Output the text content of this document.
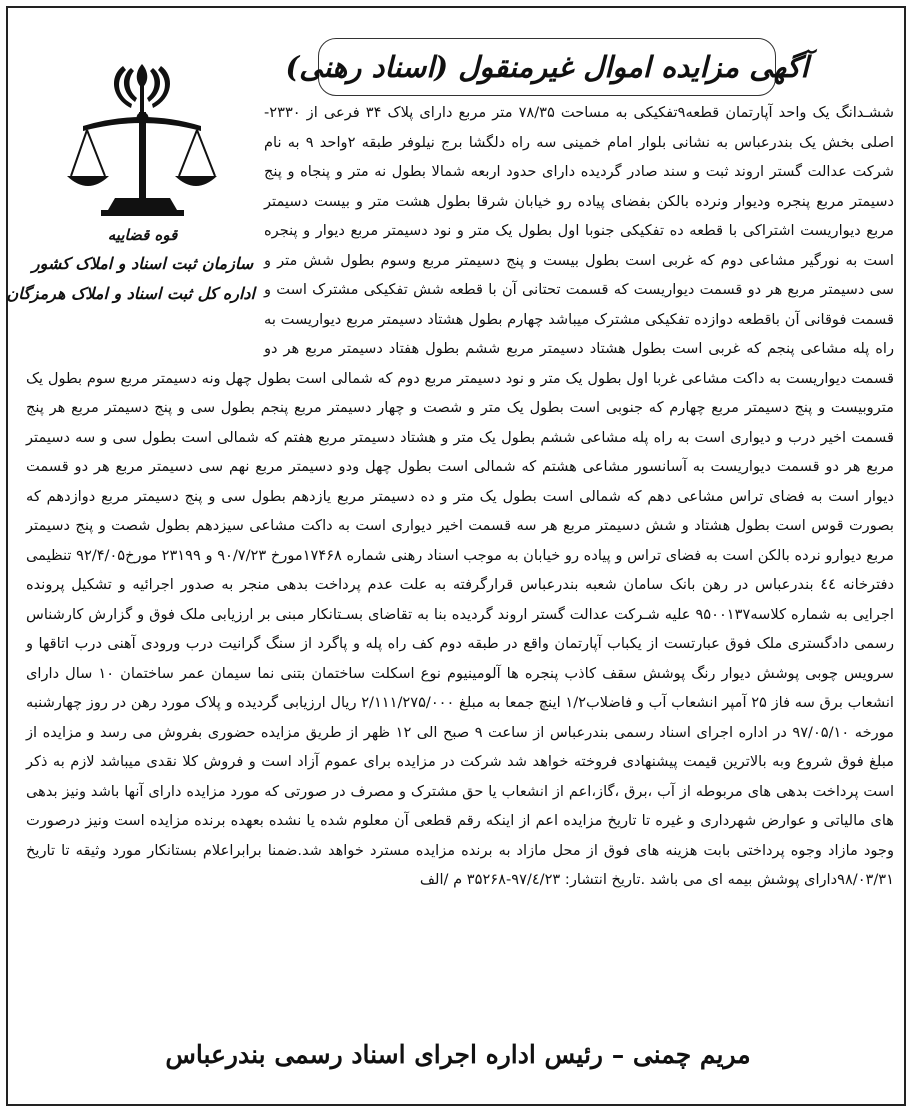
آگهی مزایده اموال غیرمنقول (اسناد رهنی)
قوه قضاییه
سازمان ثبت اسناد و املاک کشور
اداره کل ثبت اسناد و املاک هرمزگان
ششـدانگ یک واحد آپارتمان قطعه۹تفکیکی به مساحت ۷۸/۳۵ متر مربع دارای پلاک ۳۴ فرعی از ۲۳۳۰- اصلی بخش یک بندرعباس به نشانی بلوار امام خمینی سه راه دلگشا برج نیلوفر طبقه ۲واحد ۹ به نام شرکت عدالت گستر اروند ثبت و سند صادر گردیده دارای حدود اربعه شمالا بطول نه متر و پنجاه و پنج دسیمتر مربع پنجره ودیوار ونرده بالکن بفضای پیاده رو خیابان شرقا بطول هشت متر و بیست دسیمتر مربع دیواریست اشتراکی با قطعه ده تفکیکی جنوبا اول بطول یک متر و نود دسیمتر مربع دیوار و پنجره است به نورگیر مشاعی دوم که غربی است بطول بیست و پنج دسیمتر مربع وسوم بطول شش متر و سی دسیمتر مربع هر دو قسمت دیواریست که قسمت تحتانی آن با قطعه شش تفکیکی مشترک است و قسمت فوقانی آن باقطعه دوازده تفکیکی مشترک میباشد چهارم بطول هشتاد دسیمتر مربع دیواریست به راه پله مشاعی پنجم که غربی است بطول هشتاد دسیمتر مربع ششم بطول هفتاد دسیمتر مربع هر دو قسمت دیواریست به داکت مشاعی غربا اول بطول یک متر و نود دسیمتر مربع دوم که شمالی است بطول چهل ونه دسیمتر مربع سوم بطول یک متروبیست و پنج دسیمتر مربع چهارم که جنوبی است بطول یک متر و شصت و چهار دسیمتر مربع پنجم بطول سی و پنج دسیمتر مربع هر پنج قسمت اخیر درب و دیواری است به راه پله مشاعی ششم بطول یک متر و هشتاد دسیمتر مربع هفتم که شمالی است بطول سی و سه دسیمتر مربع هر دو قسمت دیواریست به آسانسور مشاعی هشتم که شمالی است بطول چهل ودو دسیمتر مربع نهم سی دسیمتر مربع هر دو قسمت دیوار است به فضای تراس مشاعی دهم که شمالی است بطول یک متر و ده دسیمتر مربع یازدهم بطول سی و پنج دسیمتر مربع دوازدهم که بصورت قوس است بطول هشتاد و شش دسیمتر مربع هر سه قسمت اخیر دیواری است به داکت مشاعی سیزدهم بطول شصت و پنج دسیمتر مربع دیوارو نرده بالکن است به فضای تراس و پیاده رو خیابان به موجب اسناد رهنی شماره ۱۷۴۶۸مورخ ۹۰/۷/۲۳ و ۲۳۱۹۹ مورخ۹۲/۴/۰۵ تنظیمی دفترخانه ٤٤ بندرعباس در رهن بانک سامان شعبه بندرعباس قرارگرفته به علت عدم پرداخت بدهی منجر به صدور اجرائیه و تشکیل پرونده اجرایی به شماره کلاسه۹۵۰۰۱۳۷ علیه شـرکت عدالت گستر اروند گردیده بنا به تقاضای بسـتانکار مبنی بر ارزیابی ملک فوق و گزارش کارشناس رسمی دادگستری ملک فوق عبارتست از یکباب آپارتمان واقع در طبقه دوم کف راه پله و پاگرد از سنگ گرانیت درب ورودی آهنی درب اتاقها و سرویس چوبی پوشش دیوار رنگ پوشش سقف کاذب پنجره ها آلومینیوم نوع اسکلت ساختمان بتنی نما سیمان عمر ساختمان ۱۰ سال دارای انشعاب برق سه فاز ۲۵ آمپر انشعاب آب و فاضلاب۱/۲ اینچ جمعا به مبلغ ۲/۱۱۱/۲۷۵/۰۰۰ ریال ارزیابی گردیده و پلاک مورد رهن در روز چهارشنبه مورخه ۹۷/۰۵/۱۰ در اداره اجرای اسناد رسمی بندرعباس از ساعت ۹ صبح الی ۱۲ ظهر از طریق مزایده حضوری بفروش می رسد و مزایده از مبلغ فوق شروع وبه بالاترین قیمت پیشنهادی فروخته خواهد شد شرکت در مزایده برای عموم آزاد است و فروش کلا نقدی میباشد لازم به ذکر است پرداخت بدهی های مربوطه از آب ،برق ،گاز،اعم از انشعاب یا حق مشترک و مصرف در صورتی که مورد مزایده دارای آنها باشد ونیز بدهی های مالیاتی و عوارض شهرداری و غیره تا تاریخ مزایده اعم از اینکه رقم قطعی آن معلوم شده یا نشده بعهده برنده مزایده است ونیز درصورت وجود مازاد وجوه پرداختی بابت هزینه های فوق از محل مازاد به برنده مزایده مسترد خواهد شد.ضمنا برابراعلام بستانکار مورد وثیقه تا تاریخ ۹۸/۰۳/۳۱دارای پوشش بیمه ای می باشد .تاریخ انتشار: ۹۷/٤/۲۳-۳۵۲۶۸ م /الف
مریم چمنی – رئیس اداره اجرای اسناد رسمی بندرعباس
